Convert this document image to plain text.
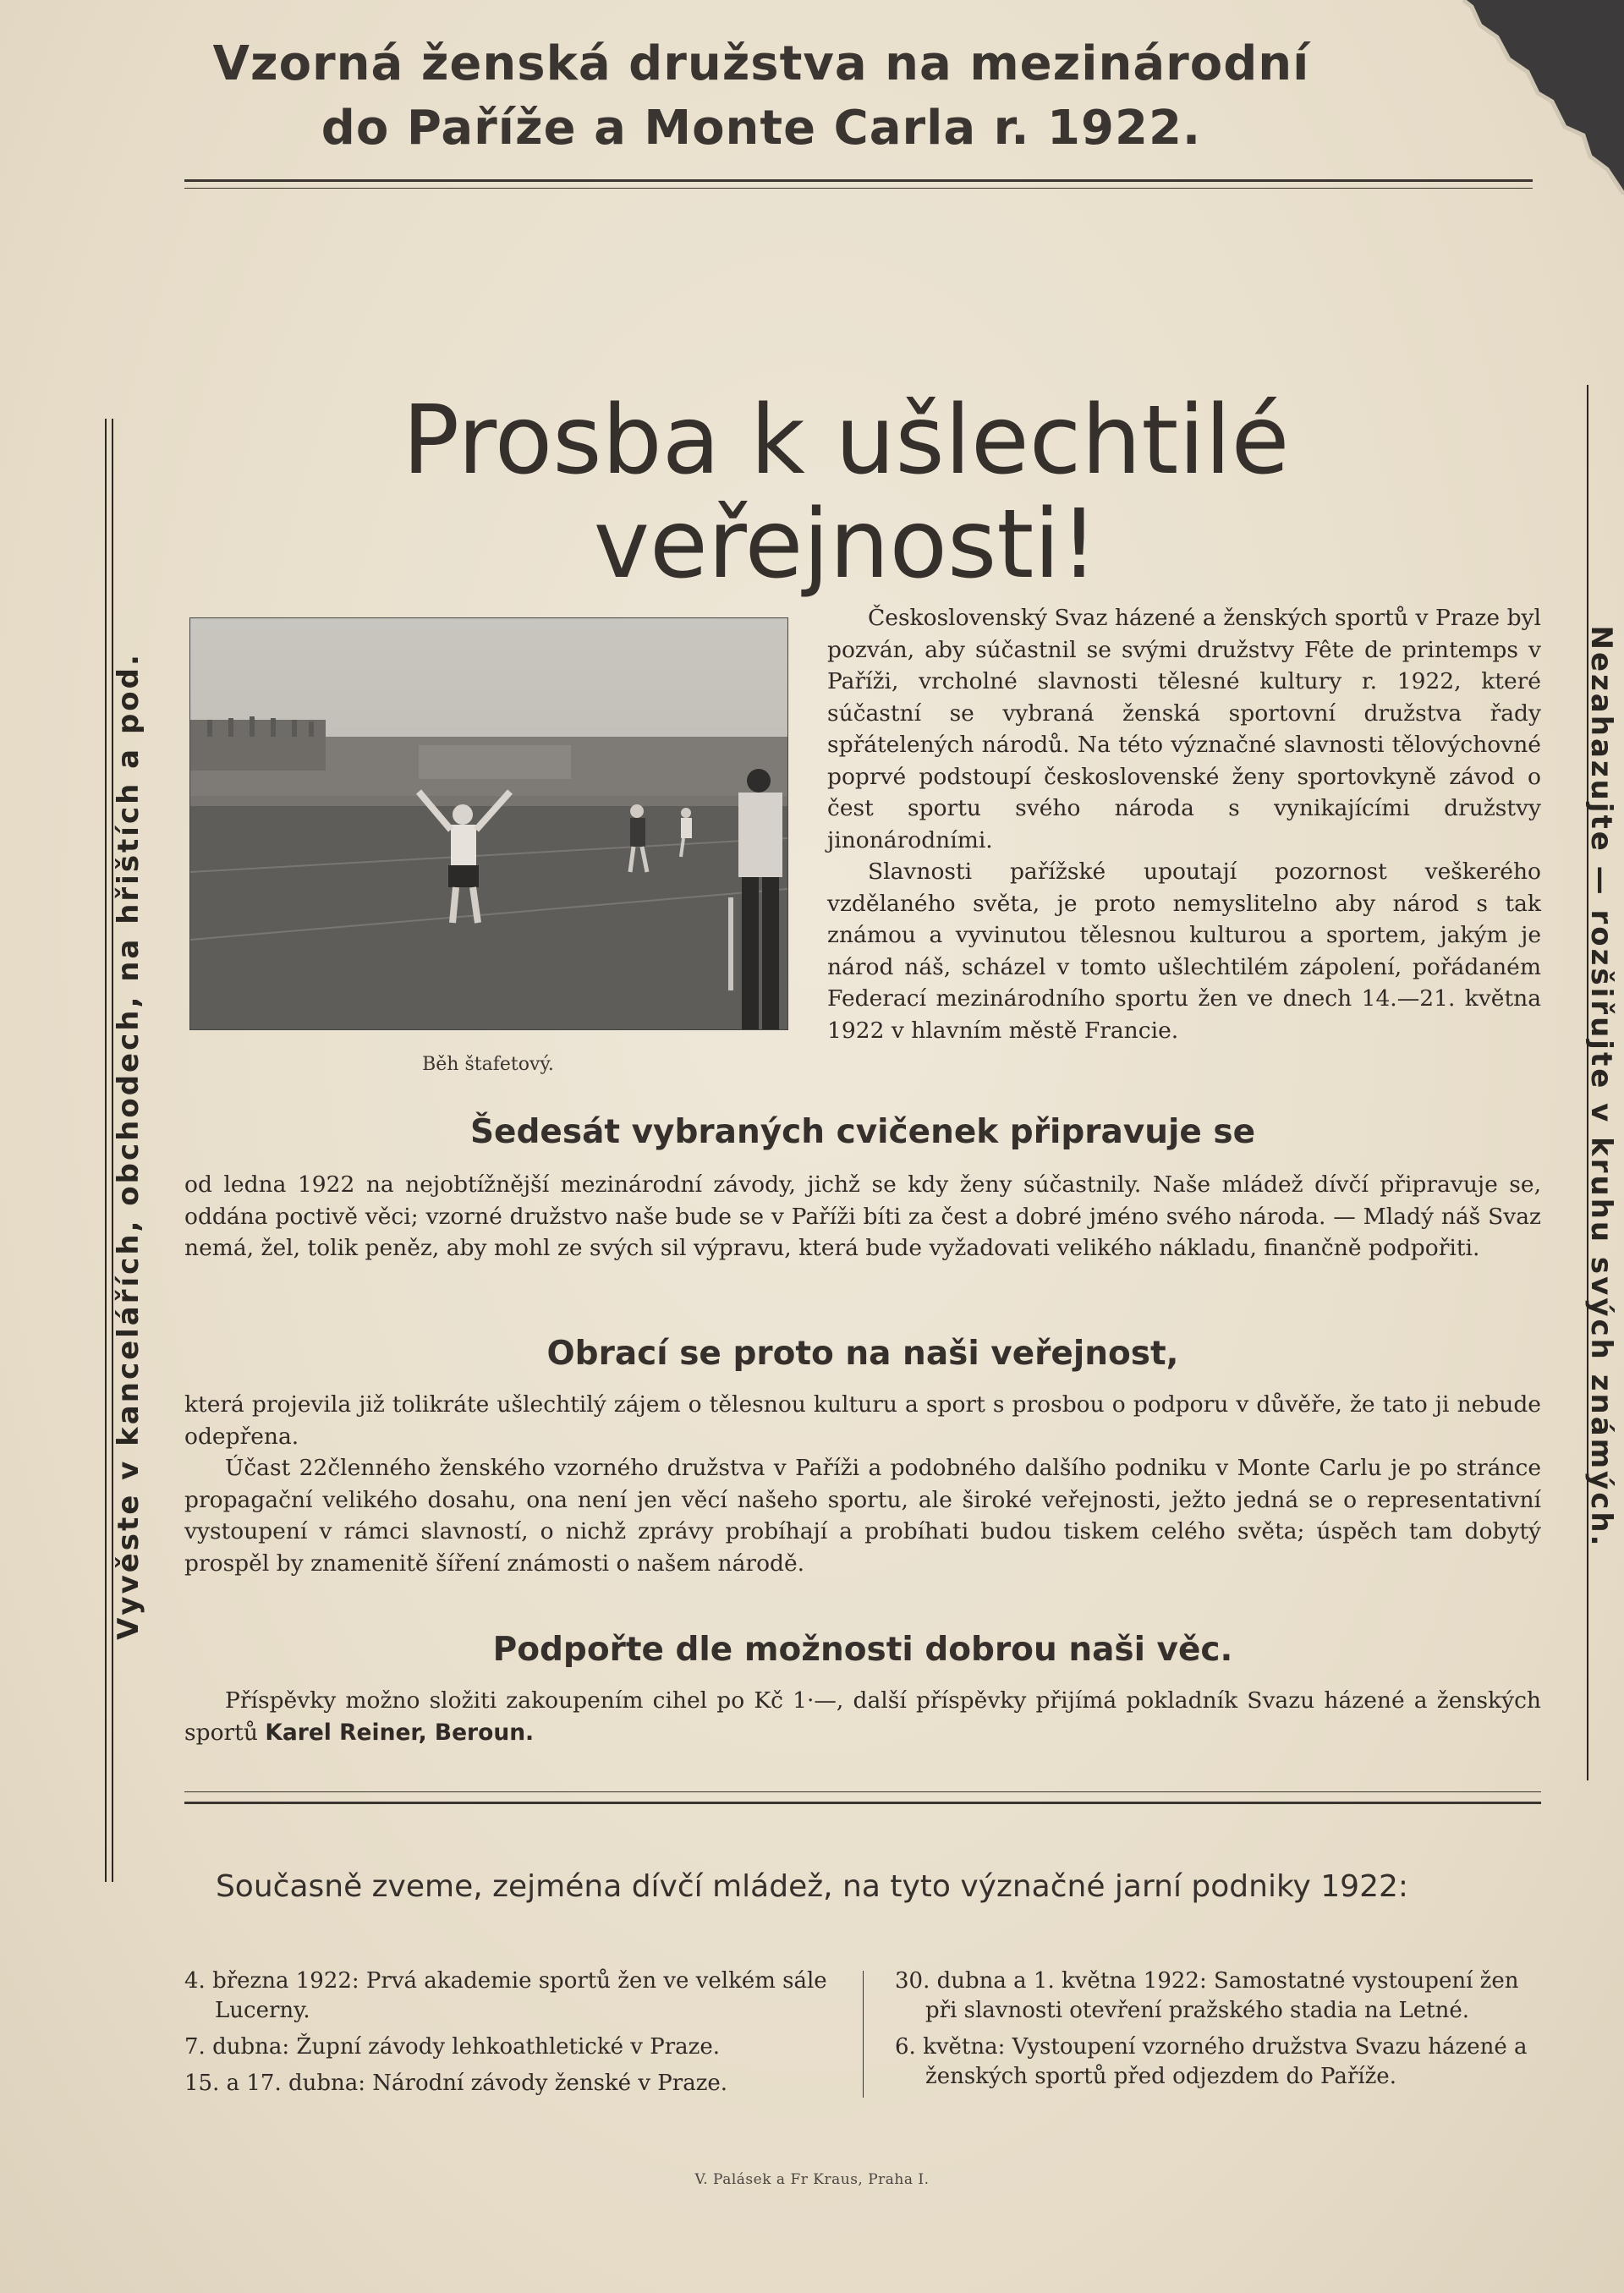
Vzorná ženská družstva na mezinárodní
do Paříže a Monte Carla r. 1922.
Prosba k ušlechtilé veřejnosti!
Běh štafetový.

Československý Svaz házené a ženských sportů v Praze byl pozván, aby súčastnil se svými družstvy Fête de printemps v Paříži, vrcholné slavnosti tělesné kultury r. 1922, které súčastní se vybraná ženská sportovní družstva řady spřátelených národů. Na této význačné slavnosti tělovýchovné poprvé podstoupí československé ženy sportovkyně závod o čest sportu svého národa s vynikajícími družstvy jinonárodními.

Slavnosti pařížské upoutají pozornost veškerého vzdělaného světa, je proto nemyslitelno aby národ s tak známou a vyvinutou tělesnou kulturou a sportem, jakým je národ náš, scházel v tomto ušlechtilém zápolení, pořádaném Federací mezinárodního sportu žen ve dnech 14.—21. května 1922 v hlavním městě Francie.

Šedesát vybraných cvičenek připravuje se

od ledna 1922 na nejobtížnější mezinárodní závody, jichž se kdy ženy súčastnily. Naše mládež dívčí připravuje se, oddána poctivě věci; vzorné družstvo naše bude se v Paříži bíti za čest a dobré jméno svého národa. — Mladý náš Svaz nemá, žel, tolik peněz, aby mohl ze svých sil výpravu, která bude vyžadovati velikého nákladu, finančně podpořiti.

Obrací se proto na naši veřejnost,

která projevila již tolikráte ušlechtilý zájem o tělesnou kulturu a sport s prosbou o podporu v důvěře, že tato ji nebude odepřena.

Účast 22členného ženského vzorného družstva v Paříži a podobného dalšího podniku v Monte Carlu je po stránce propagační velikého dosahu, ona není jen věcí našeho sportu, ale široké veřejnosti, ježto jedná se o representativní vystoupení v rámci slavností, o nichž zprávy probíhají a probíhati budou tiskem celého světa; úspěch tam dobytý prospěl by znamenitě šíření známosti o našem národě.

Podpořte dle možnosti dobrou naši věc.

Příspěvky možno složiti zakoupením cihel po Kč 1·—, další příspěvky přijímá pokladník Svazu házené a ženských sportů Karel Reiner, Beroun.

Vyvěste v kancelářích, obchodech, na hřištích a pod.	Nezahazujte — rozšiřujte v kruhu svých známých.
Současně zveme, zejména dívčí mládež, na tyto význačné jarní podniky 1922:
4. března 1922: Prvá akademie sportů žen ve velkém sále Lucerny.
7. dubna: Župní závody lehkoathletické v Praze.
15. a 17. dubna: Národní závody ženské v Praze.
30. dubna a 1. května 1922: Samostatné vystoupení žen při slavnosti otevření pražského stadia na Letné.
6. května: Vystoupení vzorného družstva Svazu házené a ženských sportů před odjezdem do Paříže.
V. Palásek a Fr Kraus, Praha I.
